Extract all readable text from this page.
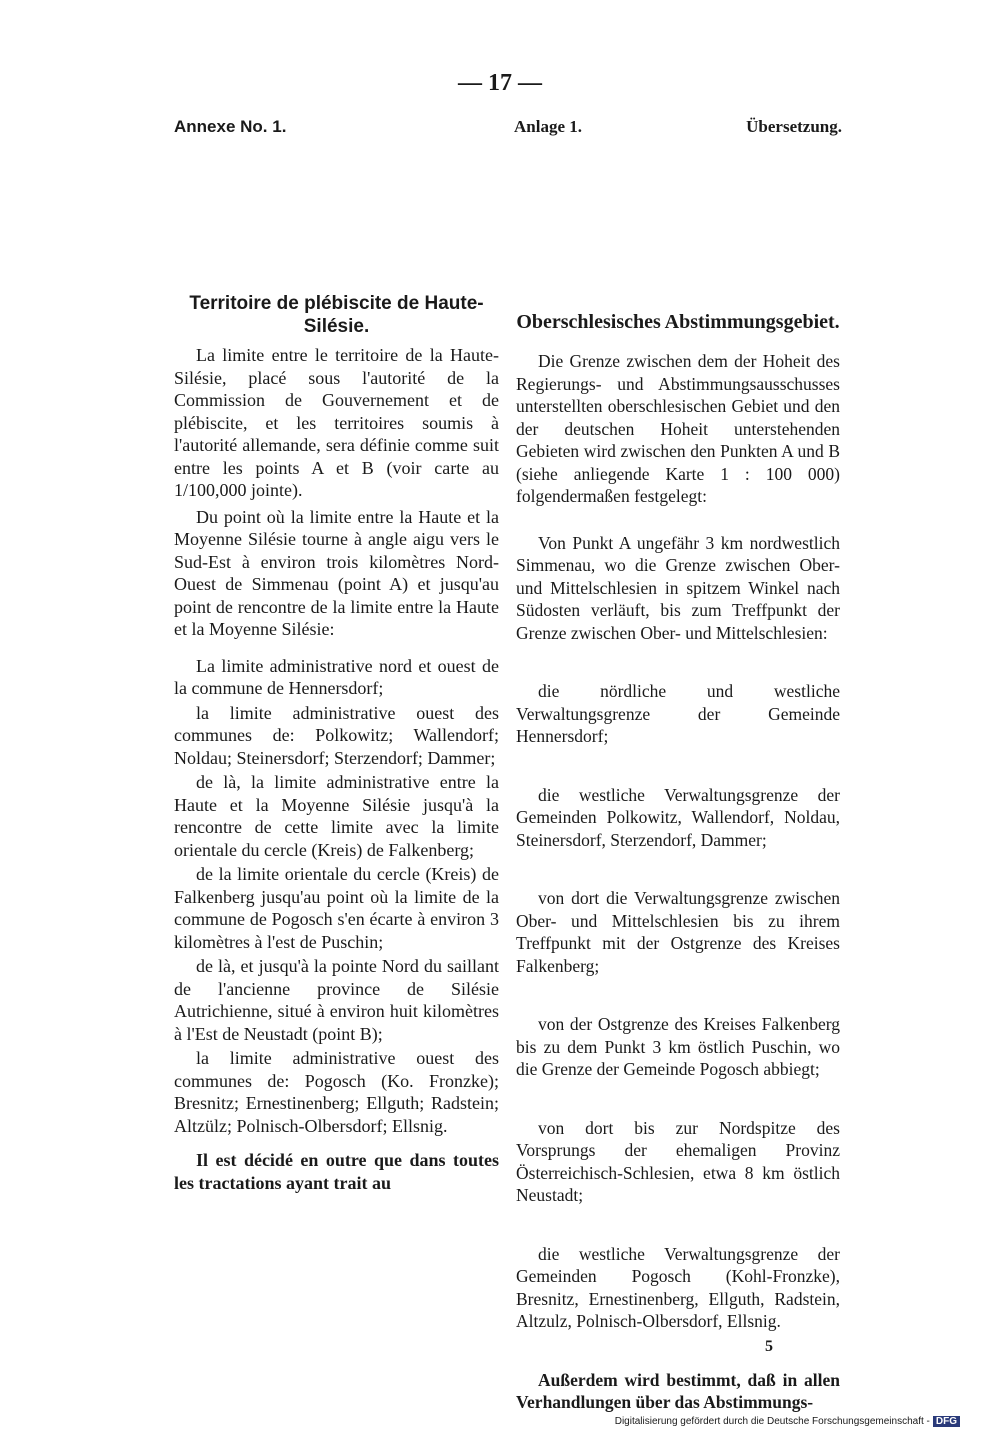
— 17 —
Annexe No. 1.	Anlage 1.	Übersetzung.
Territoire de plébiscite de Haute-Silésie.

La limite entre le territoire de la Haute-Silésie, placé sous l'autorité de la Commission de Gouvernement et de plébiscite, et les territoires soumis à l'autorité allemande, sera définie comme suit entre les points A et B (voir carte au 1/100,000 jointe).

Du point où la limite entre la Haute et la Moyenne Silésie tourne à angle aigu vers le Sud-Est à environ trois kilomètres Nord-Ouest de Simmenau (point A) et jusqu'au point de rencontre de la limite entre la Haute et la Moyenne Silésie:

La limite administrative nord et ouest de la commune de Hennersdorf;

la limite administrative ouest des communes de: Polkowitz; Wallendorf; Noldau; Steinersdorf; Sterzendorf; Dammer;

de là, la limite administrative entre la Haute et la Moyenne Silésie jusqu'à la rencontre de cette limite avec la limite orientale du cercle (Kreis) de Falkenberg;

de la limite orientale du cercle (Kreis) de Falkenberg jusqu'au point où la limite de la commune de Pogosch s'en écarte à environ 3 kilomètres à l'est de Puschin;

de là, et jusqu'à la pointe Nord du saillant de l'ancienne province de Silésie Autrichienne, situé à environ huit kilomètres à l'Est de Neustadt (point B);

la limite administrative ouest des communes de: Pogosch (Ko. Fronzke); Bresnitz; Ernestinenberg; Ellguth; Radstein; Altzülz; Polnisch-Olbersdorf; Ellsnig.

Il est décidé en outre que dans toutes les tractations ayant trait au

Oberschlesisches Abstimmungsgebiet.

Die Grenze zwischen dem der Hoheit des Regierungs- und Abstimmungsausschusses unterstellten oberschlesischen Gebiet und den der deutschen Hoheit unterstehenden Gebieten wird zwischen den Punkten A und B (siehe anliegende Karte 1 : 100 000) folgendermaßen festgelegt:

Von Punkt A ungefähr 3 km nordwestlich Simmenau, wo die Grenze zwischen Ober- und Mittelschlesien in spitzem Winkel nach Südosten verläuft, bis zum Treffpunkt der Grenze zwischen Ober- und Mittelschlesien:

die nördliche und westliche Verwaltungsgrenze der Gemeinde Hennersdorf;

die westliche Verwaltungsgrenze der Gemeinden Polkowitz, Wallendorf, Noldau, Steinersdorf, Sterzendorf, Dammer;

von dort die Verwaltungsgrenze zwischen Ober- und Mittelschlesien bis zu ihrem Treffpunkt mit der Ostgrenze des Kreises Falkenberg;

von der Ostgrenze des Kreises Falkenberg bis zu dem Punkt 3 km östlich Puschin, wo die Grenze der Gemeinde Pogosch abbiegt;

von dort bis zur Nordspitze des Vorsprungs der ehemaligen Provinz Österreichisch-Schlesien, etwa 8 km östlich Neustadt;

die westliche Verwaltungsgrenze der Gemeinden Pogosch (Kohl-Fronzke), Bresnitz, Ernestinenberg, Ellguth, Radstein, Altzulz, Polnisch-Olbersdorf, Ellsnig.

Außerdem wird bestimmt, daß in allen Verhandlungen über das Abstimmungs-

5
Digitalisierung gefördert durch die Deutsche Forschungsgemeinschaft - DFG
